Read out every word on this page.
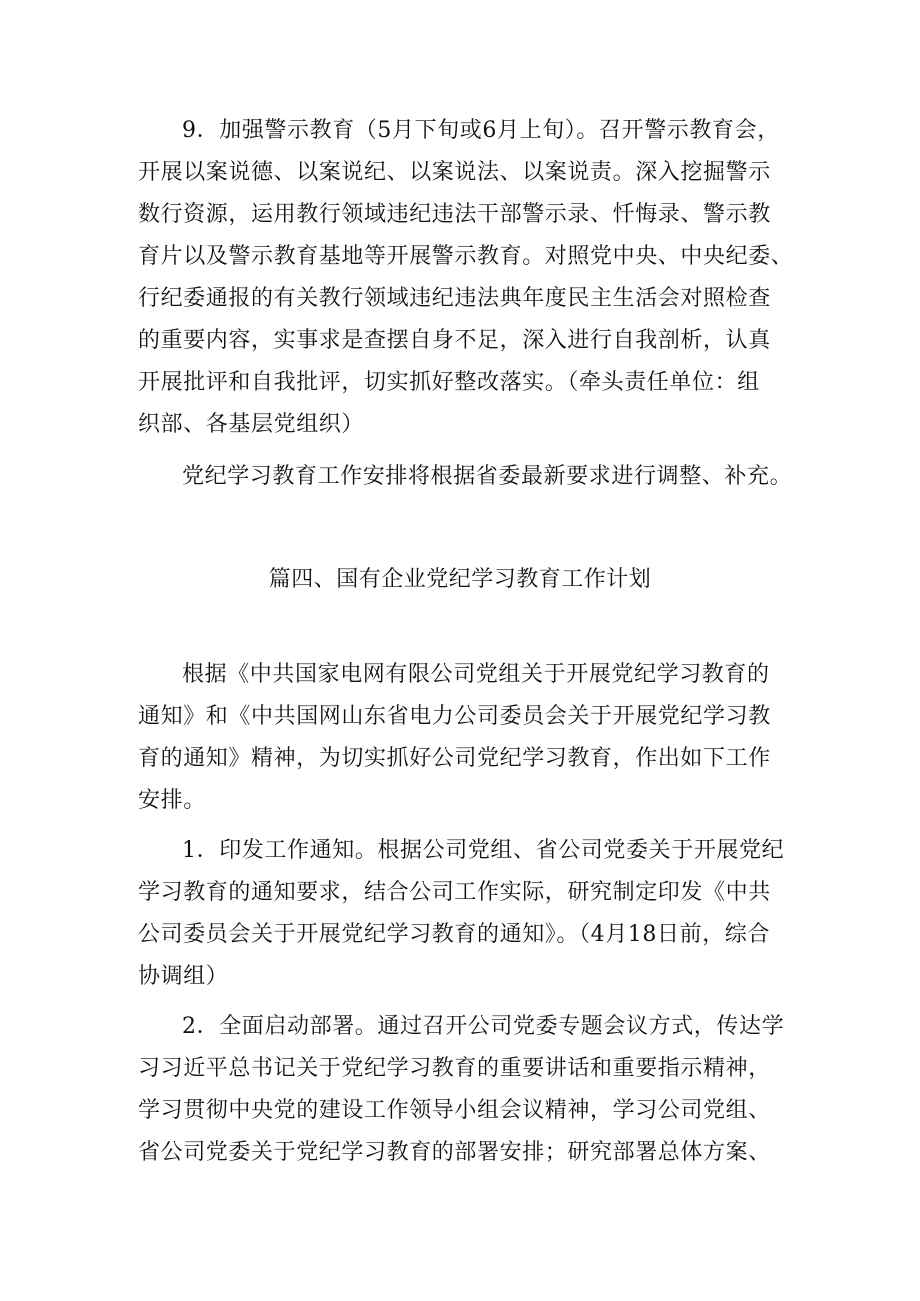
9．加强警示教育（5月下旬或6月上旬）。召开警示教育会，
开展以案说德、以案说纪、以案说法、以案说责。深入挖掘警示
数行资源，运用教行领域违纪违法干部警示录、忏悔录、警示教
育片以及警示教育基地等开展警示教育。对照党中央、中央纪委、
行纪委通报的有关教行领域违纪违法典年度民主生活会对照检查
的重要内容，实事求是查摆自身不足，深入进行自我剖析，认真
开展批评和自我批评，切实抓好整改落实。（牵头责任单位：组
织部、各基层党组织）
党纪学习教育工作安排将根据省委最新要求进行调整、补充。
篇四、国有企业党纪学习教育工作计划
根据《中共国家电网有限公司党组关于开展党纪学习教育的
通知》和《中共国网山东省电力公司委员会关于开展党纪学习教
育的通知》精神，为切实抓好公司党纪学习教育，作出如下工作
安排。
1．印发工作通知。根据公司党组、省公司党委关于开展党纪
学习教育的通知要求，结合公司工作实际，研究制定印发《中共
公司委员会关于开展党纪学习教育的通知》。（4月18日前，综合
协调组）
2．全面启动部署。通过召开公司党委专题会议方式，传达学
习习近平总书记关于党纪学习教育的重要讲话和重要指示精神，
学习贯彻中央党的建设工作领导小组会议精神，学习公司党组、
省公司党委关于党纪学习教育的部署安排；研究部署总体方案、
